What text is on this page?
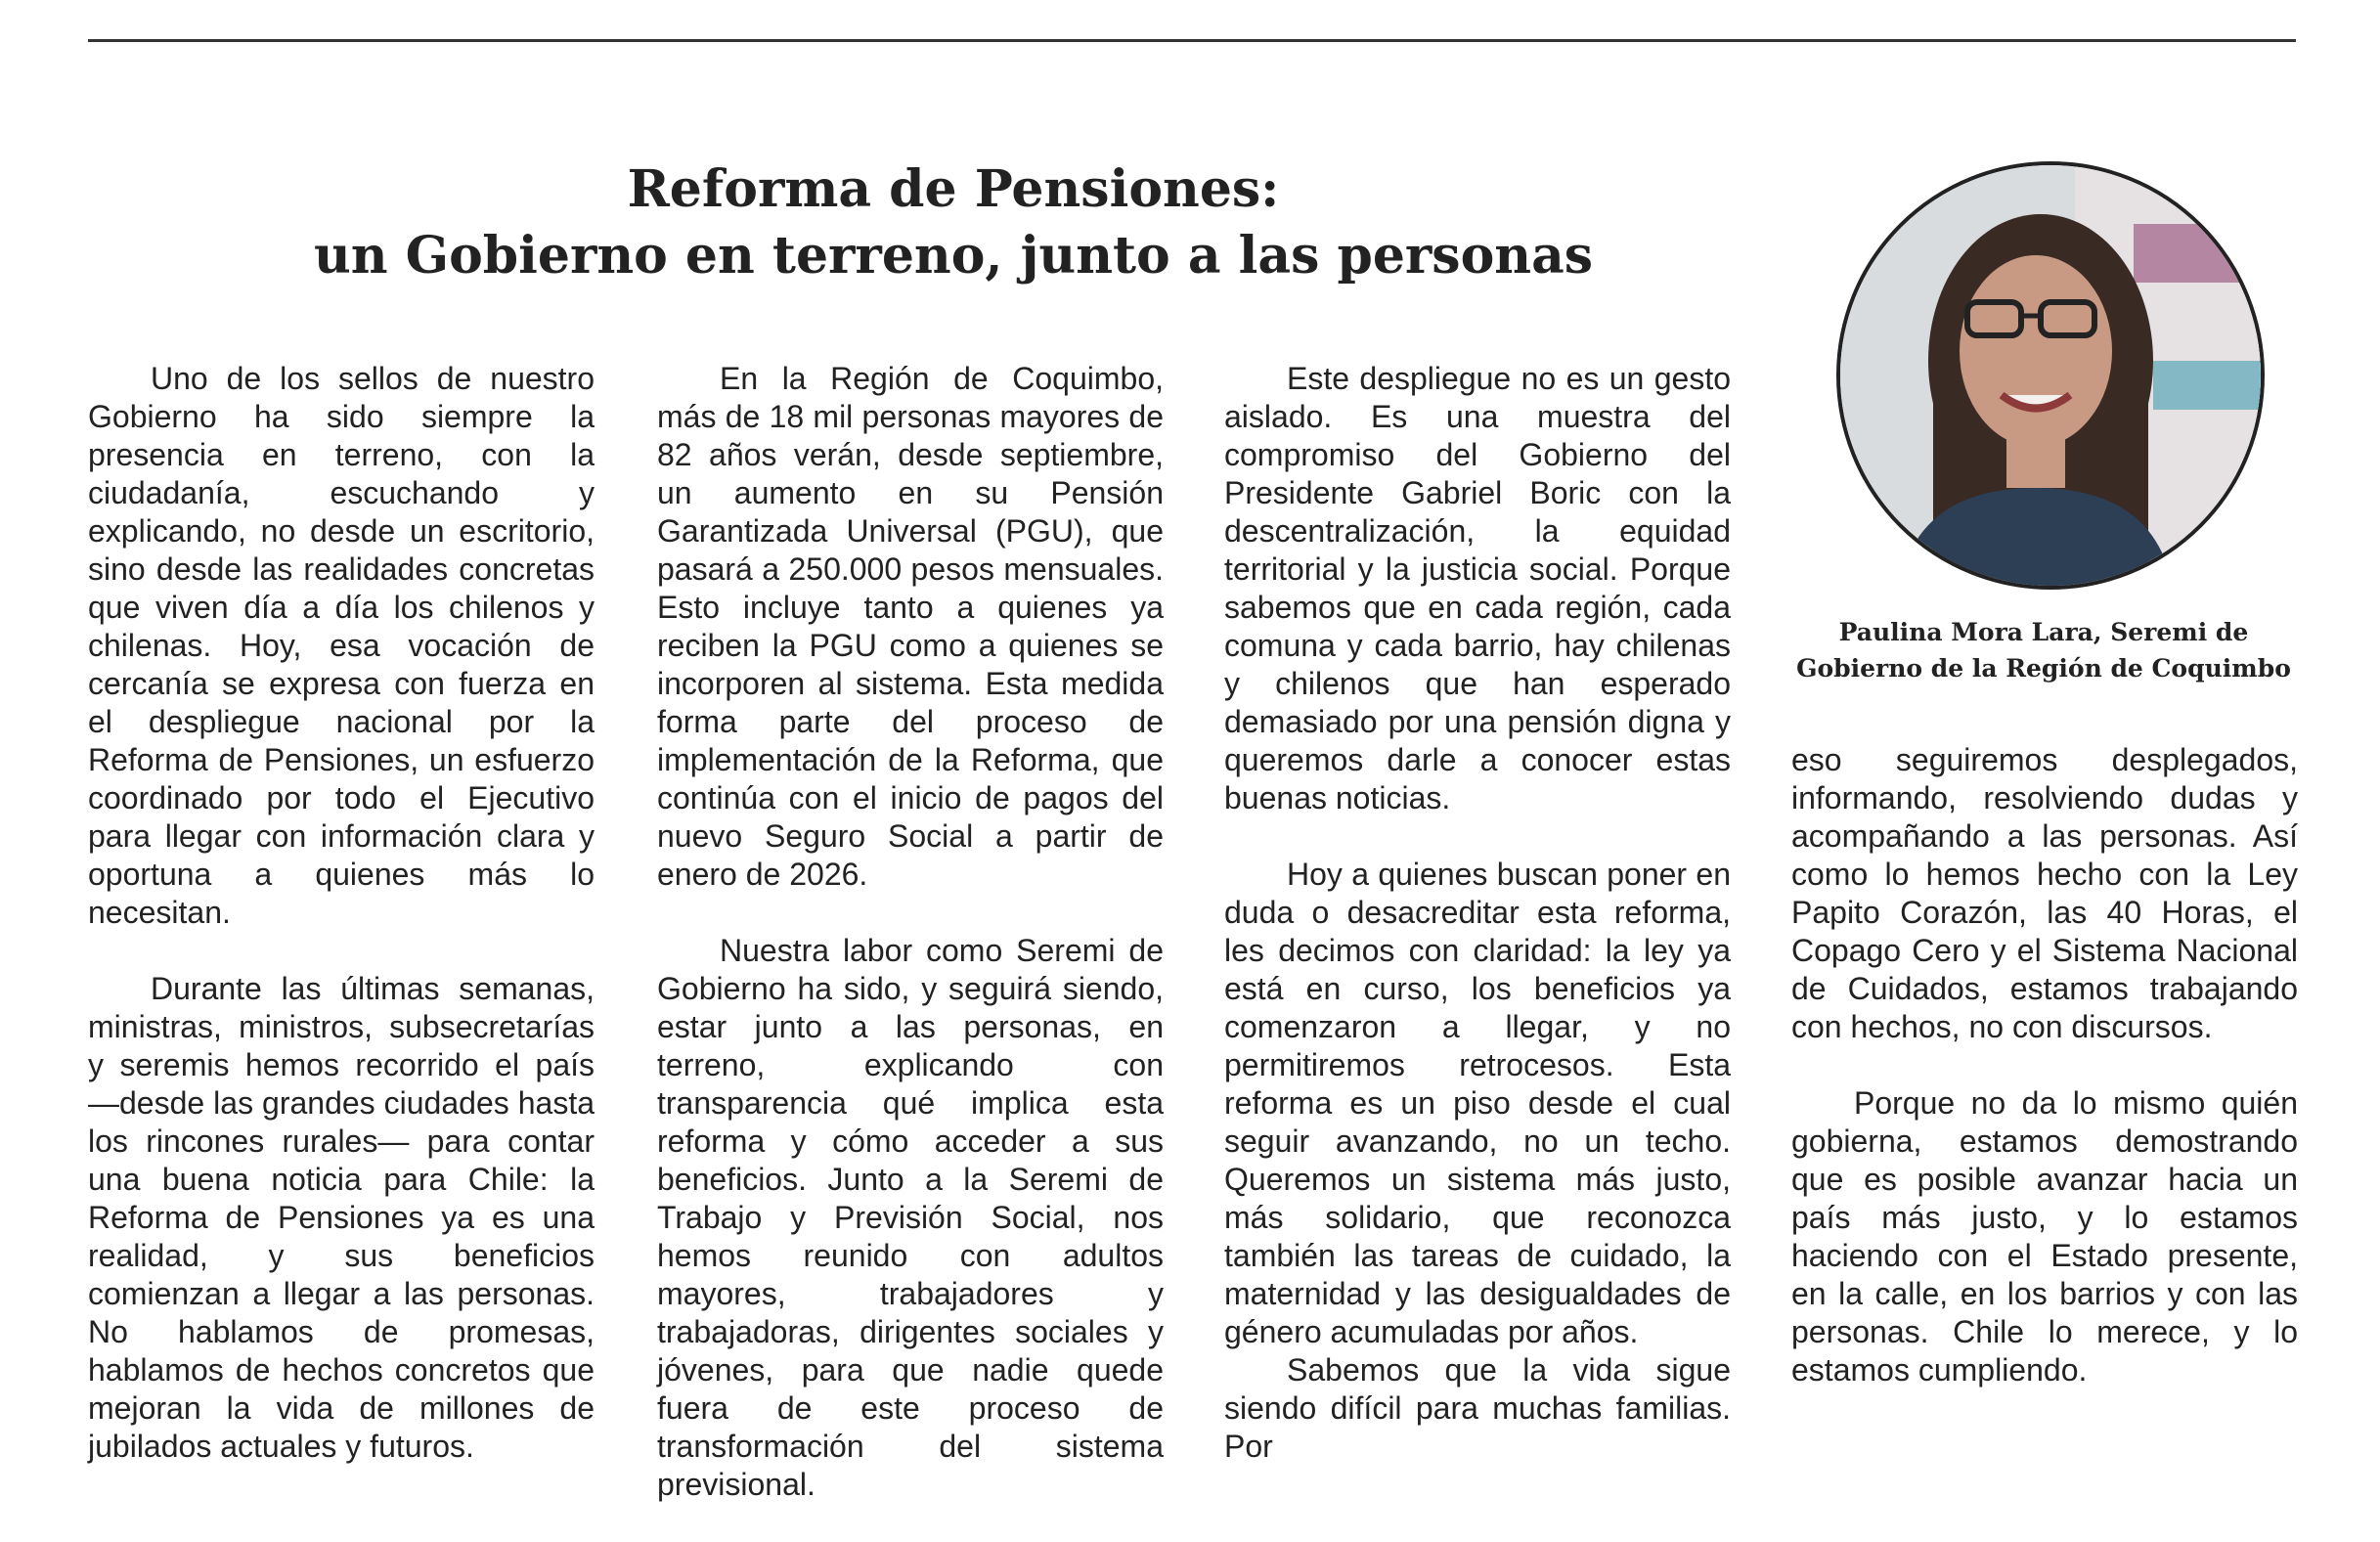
Reforma de Pensiones:
un Gobierno en terreno, junto a las personas

Uno de los sellos de nuestro Gobierno ha sido siempre la presencia en terreno, con la ciudadanía, escuchando y explicando, no desde un escritorio, sino desde las realidades concretas que viven día a día los chilenos y chilenas. Hoy, esa vocación de cercanía se expresa con fuerza en el despliegue nacional por la Reforma de Pensiones, un esfuerzo coordinado por todo el Ejecutivo para llegar con información clara y oportuna a quienes más lo necesitan.

Durante las últimas semanas, ministras, ministros, subsecretarías y seremis hemos recorrido el país —desde las grandes ciudades hasta los rincones rurales— para contar una buena noticia para Chile: la Reforma de Pensiones ya es una realidad, y sus beneficios comienzan a llegar a las personas. No hablamos de promesas, hablamos de hechos concretos que mejoran la vida de millones de jubilados actuales y futuros.

En la Región de Coquimbo, más de 18 mil personas mayores de 82 años verán, desde septiembre, un aumento en su Pensión Garantizada Universal (PGU), que pasará a 250.000 pesos mensuales. Esto incluye tanto a quienes ya reciben la PGU como a quienes se incorporen al sistema. Esta medida forma parte del proceso de implementación de la Reforma, que continúa con el inicio de pagos del nuevo Seguro Social a partir de enero de 2026.

Nuestra labor como Seremi de Gobierno ha sido, y seguirá siendo, estar junto a las personas, en terreno, explicando con transparencia qué implica esta reforma y cómo acceder a sus beneficios. Junto a la Seremi de Trabajo y Previsión Social, nos hemos reunido con adultos mayores, trabajadores y trabajadoras, dirigentes sociales y jóvenes, para que nadie quede fuera de este proceso de transformación del sistema previsional.

Este despliegue no es un gesto aislado. Es una muestra del compromiso del Gobierno del Presidente Gabriel Boric con la descentralización, la equidad territorial y la justicia social. Porque sabemos que en cada región, cada comuna y cada barrio, hay chilenas y chilenos que han esperado demasiado por una pensión digna y queremos darle a conocer estas buenas noticias.

Hoy a quienes buscan poner en duda o desacreditar esta reforma, les decimos con claridad: la ley ya está en curso, los beneficios ya comenzaron a llegar, y no permitiremos retrocesos. Esta reforma es un piso desde el cual seguir avanzando, no un techo. Queremos un sistema más justo, más solidario, que reconozca también las tareas de cuidado, la maternidad y las desigualdades de género acumuladas por años.

Sabemos que la vida sigue siendo difícil para muchas familias. Por

Paulina Mora Lara, Seremi de
Gobierno de la Región de Coquimbo

eso seguiremos desplegados, informando, resolviendo dudas y acompañando a las personas. Así como lo hemos hecho con la Ley Papito Corazón, las 40 Horas, el Copago Cero y el Sistema Nacional de Cuidados, estamos trabajando con hechos, no con discursos.

Porque no da lo mismo quién gobierna, estamos demostrando que es posible avanzar hacia un país más justo, y lo estamos haciendo con el Estado presente, en la calle, en los barrios y con las personas. Chile lo merece, y lo estamos cumpliendo.
